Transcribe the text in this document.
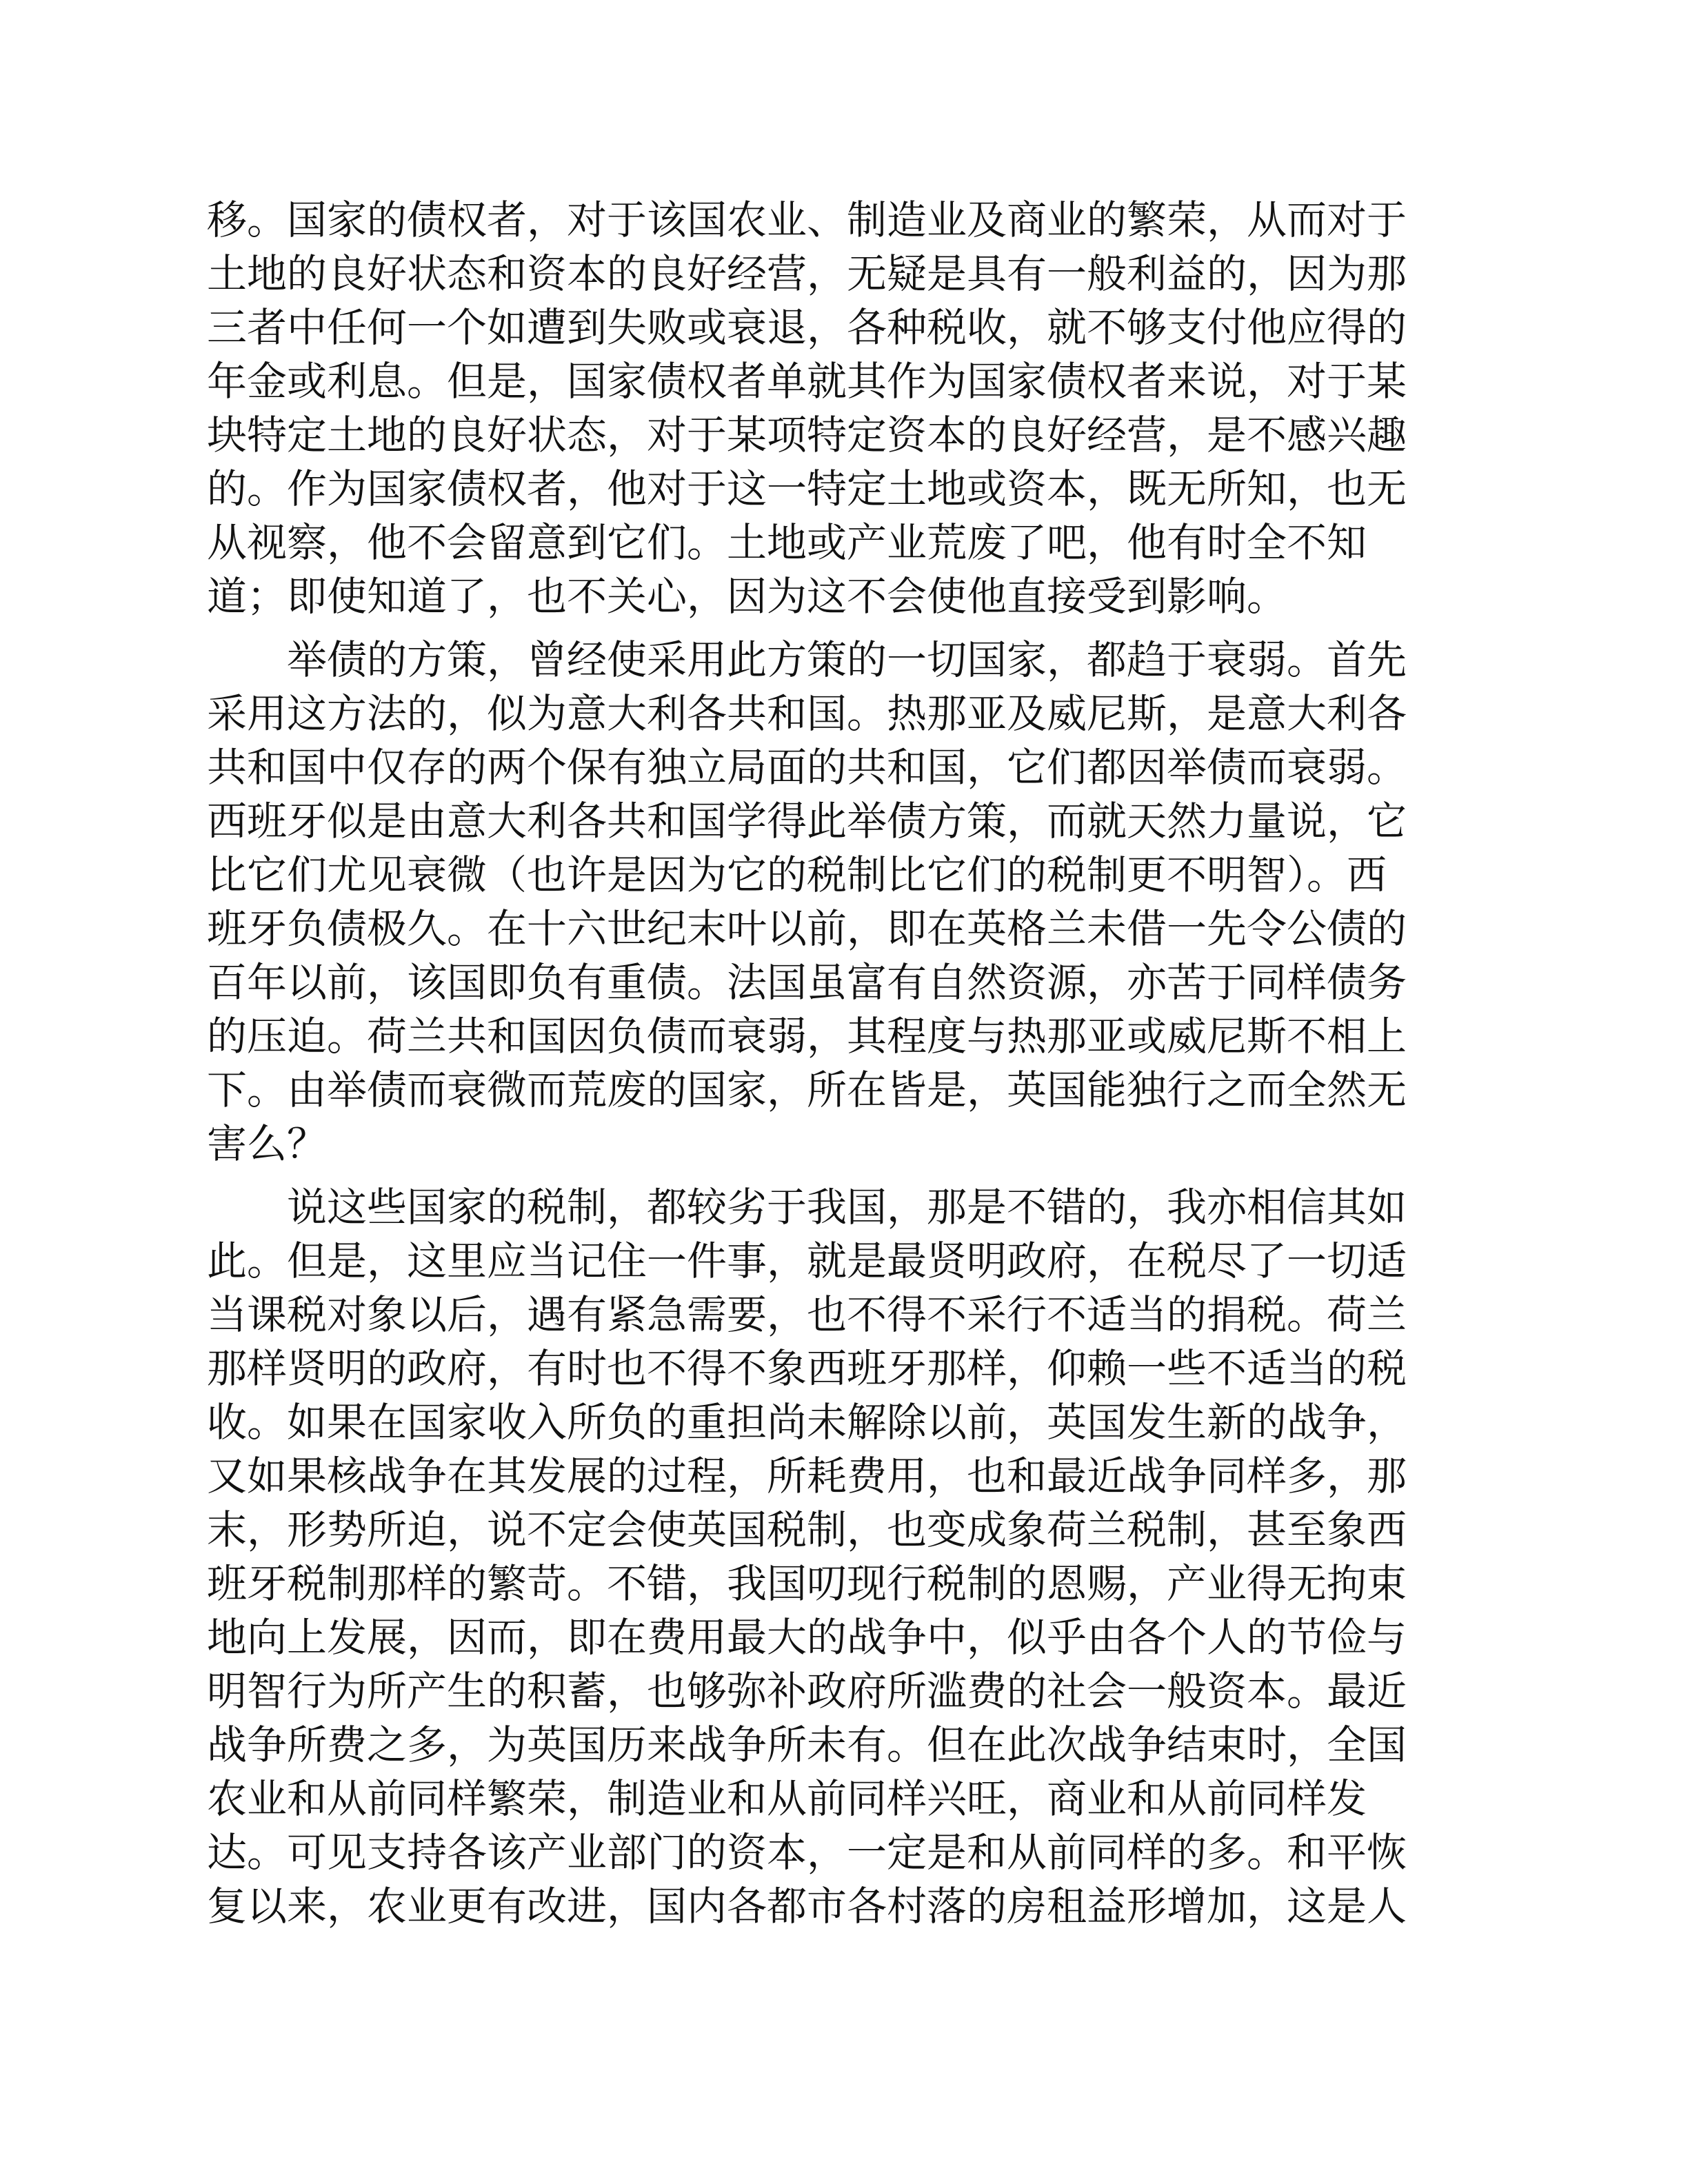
移。国家的债权者，对于该国农业、制造业及商业的繁荣，从而对于
土地的良好状态和资本的良好经营，无疑是具有一般利益的，因为那
三者中任何一个如遭到失败或衰退，各种税收，就不够支付他应得的
年金或利息。但是，国家债权者单就其作为国家债权者来说，对于某
块特定土地的良好状态，对于某项特定资本的良好经营，是不感兴趣
的。作为国家债权者，他对于这一特定土地或资本，既无所知，也无
从视察，他不会留意到它们。土地或产业荒废了吧，他有时全不知
道；即使知道了，也不关心，因为这不会使他直接受到影响。
　　举债的方策，曾经使采用此方策的一切国家，都趋于衰弱。首先
采用这方法的，似为意大利各共和国。热那亚及威尼斯，是意大利各
共和国中仅存的两个保有独立局面的共和国，它们都因举债而衰弱。
西班牙似是由意大利各共和国学得此举债方策，而就天然力量说，它
比它们尤见衰微（也许是因为它的税制比它们的税制更不明智）。西
班牙负债极久。在十六世纪末叶以前，即在英格兰未借一先令公债的
百年以前，该国即负有重债。法国虽富有自然资源，亦苦于同样债务
的压迫。荷兰共和国因负债而衰弱，其程度与热那亚或威尼斯不相上
下。由举债而衰微而荒废的国家，所在皆是，英国能独行之而全然无
害么？
　　说这些国家的税制，都较劣于我国，那是不错的，我亦相信其如
此。但是，这里应当记住一件事，就是最贤明政府，在税尽了一切适
当课税对象以后，遇有紧急需要，也不得不采行不适当的捐税。荷兰
那样贤明的政府，有时也不得不象西班牙那样，仰赖一些不适当的税
收。如果在国家收入所负的重担尚未解除以前，英国发生新的战争，
又如果核战争在其发展的过程，所耗费用，也和最近战争同样多，那
末，形势所迫，说不定会使英国税制，也变成象荷兰税制，甚至象西
班牙税制那样的繁苛。不错，我国叨现行税制的恩赐，产业得无拘束
地向上发展，因而，即在费用最大的战争中，似乎由各个人的节俭与
明智行为所产生的积蓄，也够弥补政府所滥费的社会一般资本。最近
战争所费之多，为英国历来战争所未有。但在此次战争结束时，全国
农业和从前同样繁荣，制造业和从前同样兴旺，商业和从前同样发
达。可见支持各该产业部门的资本，一定是和从前同样的多。和平恢
复以来，农业更有改进，国内各都市各村落的房租益形增加，这是人
